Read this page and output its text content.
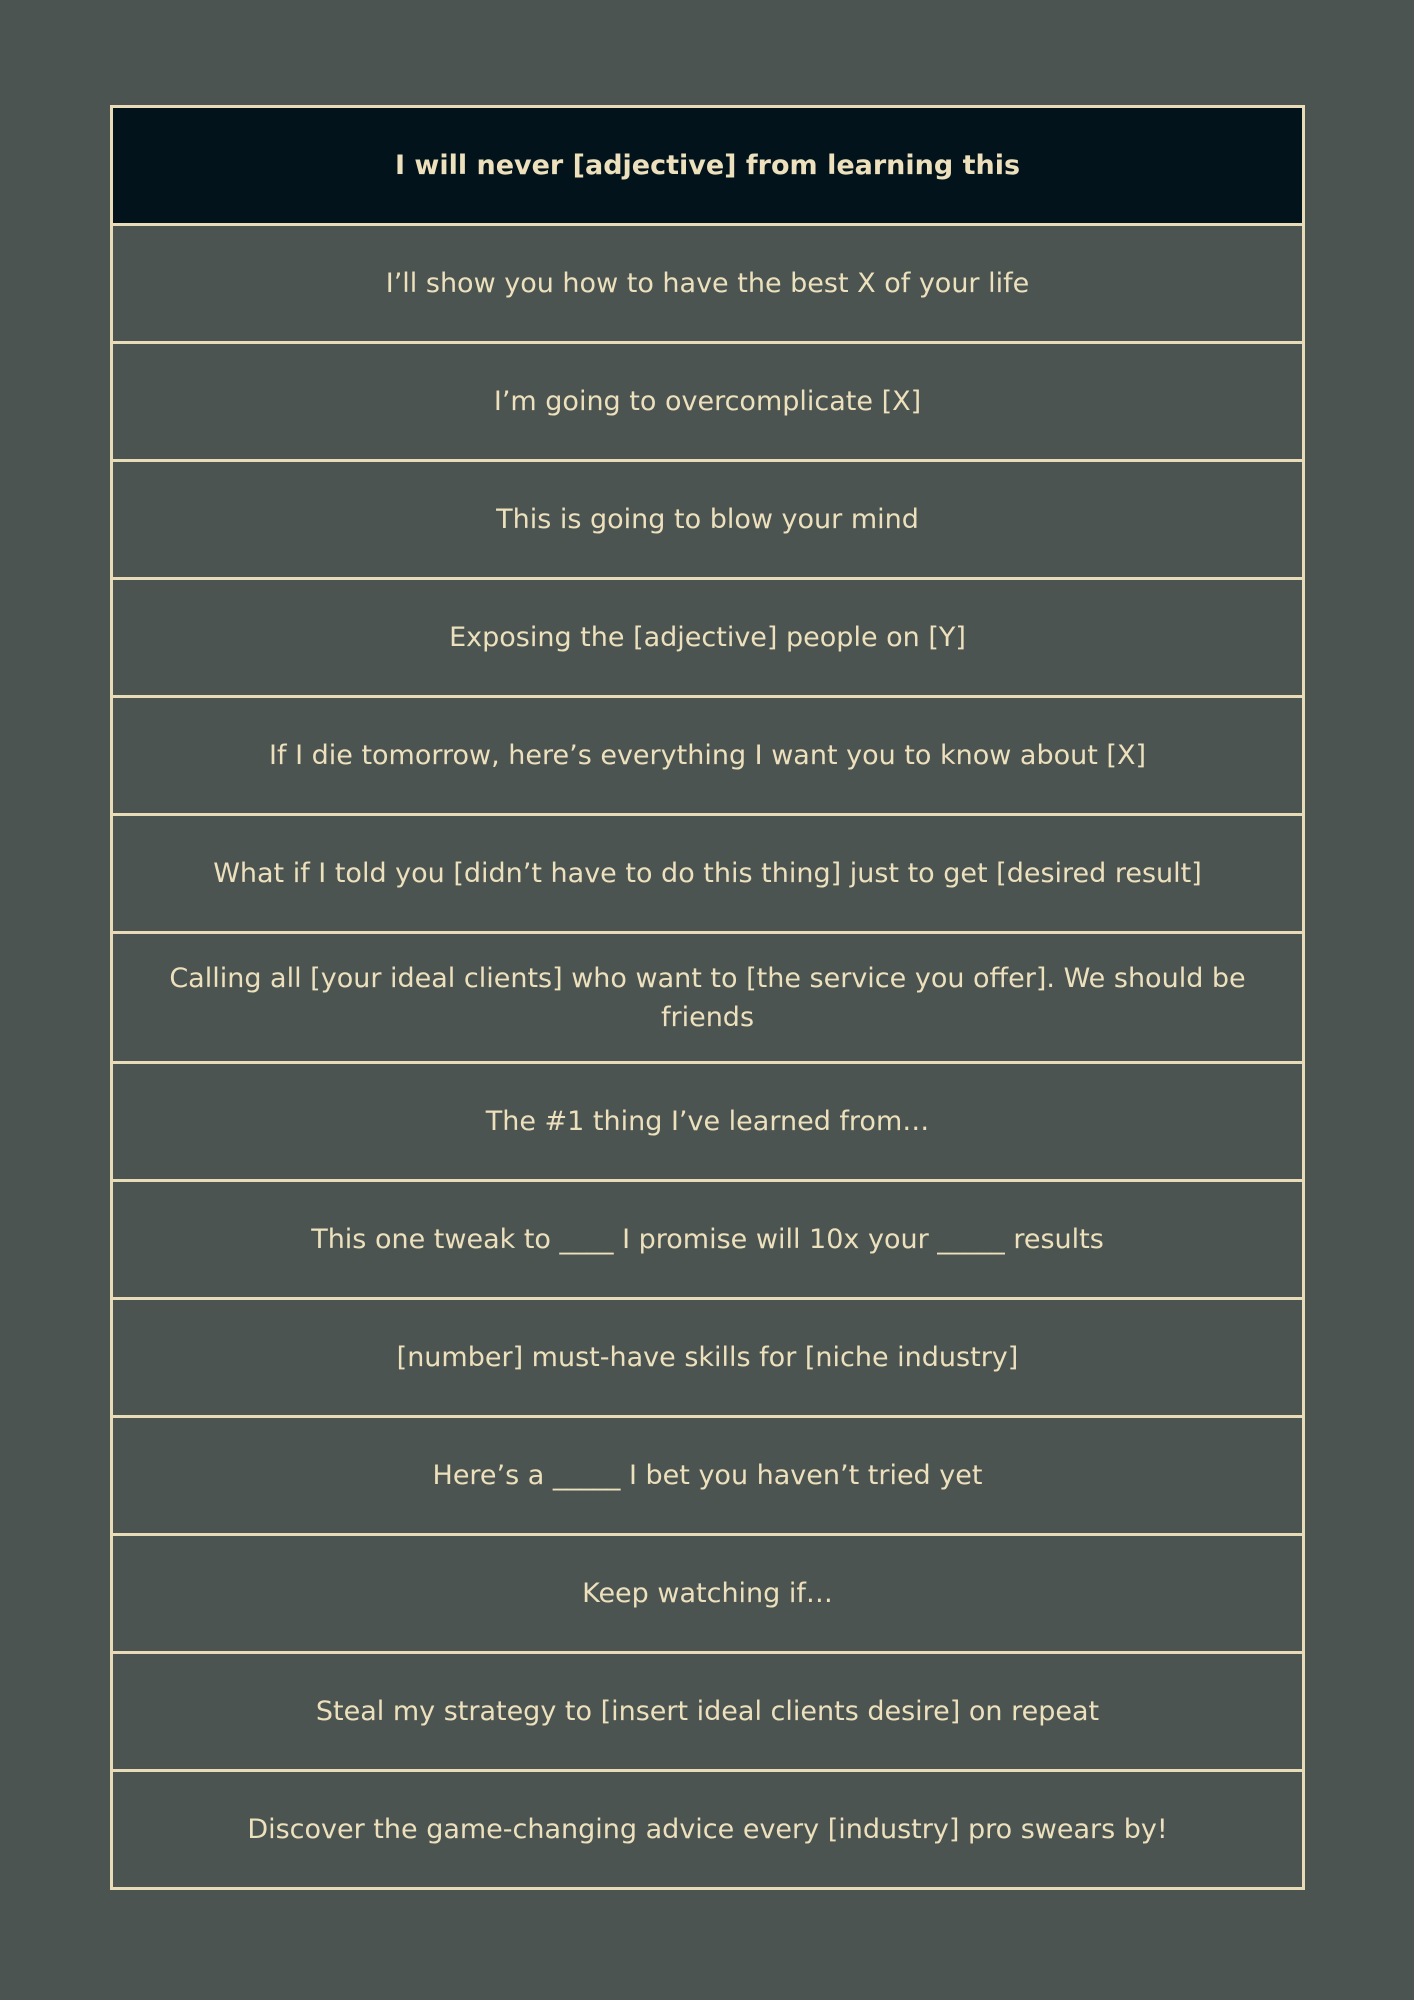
I will never [adjective] from learning this
I’ll show you how to have the best X of your life
I’m going to overcomplicate [X]
This is going to blow your mind
Exposing the [adjective] people on [Y]
If I die tomorrow, here’s everything I want you to know about [X]
What if I told you [didn’t have to do this thing] just to get [desired result]
Calling all [your ideal clients] who want to [the service you offer]. We should be friends
The #1 thing I’ve learned from…
This one tweak to ____ I promise will 10x your _____ results
[number] must-have skills for [niche industry]
Here’s a _____ I bet you haven’t tried yet
Keep watching if…
Steal my strategy to [insert ideal clients desire] on repeat
Discover the game-changing advice every [industry] pro swears by!
